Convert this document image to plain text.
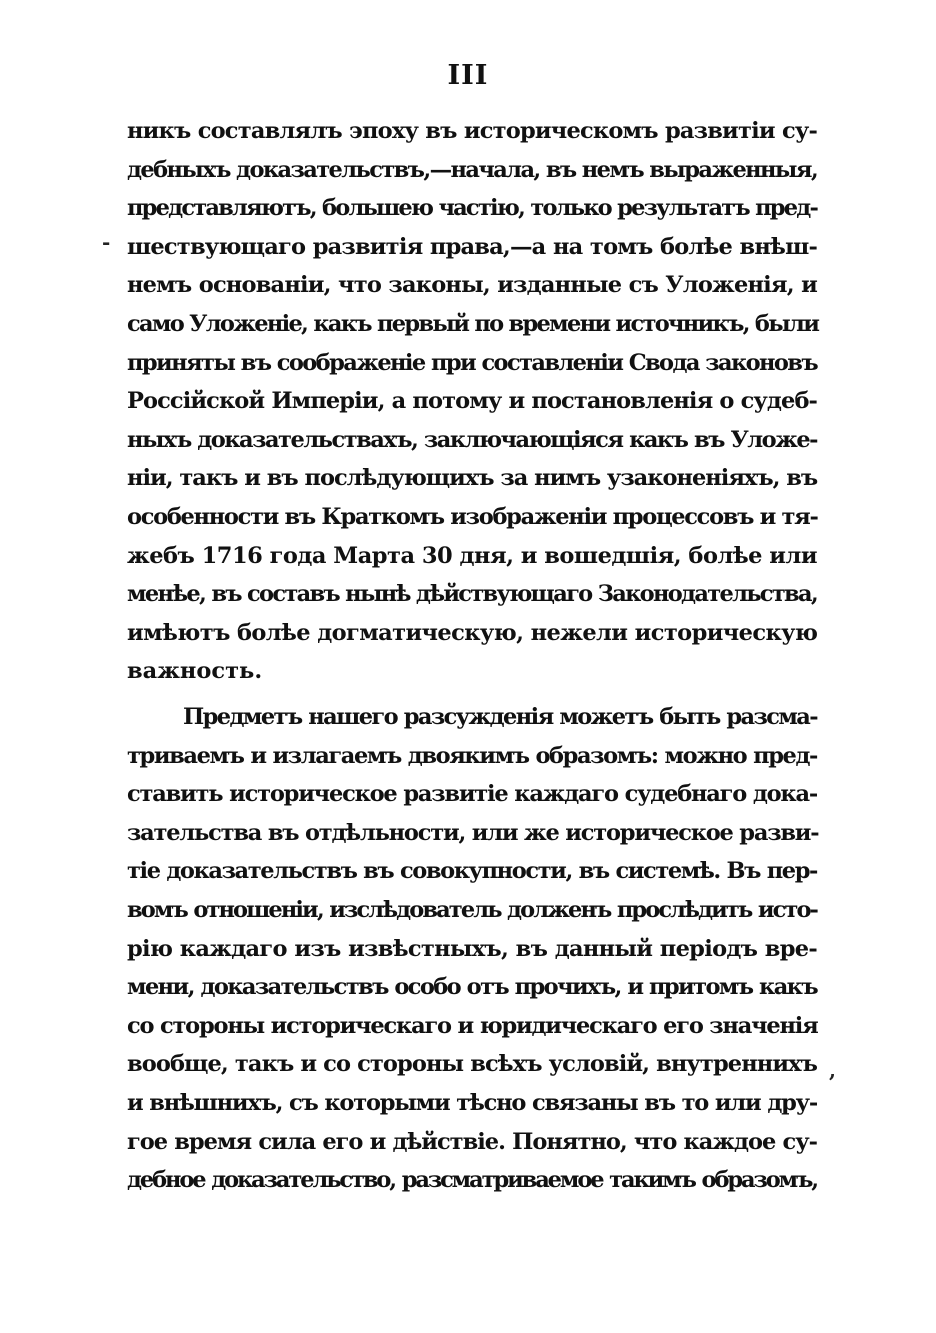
III
-
,
никъ составлялъ эпоху въ историческомъ развитiи су-
дебныхъ доказательствъ,—начала, въ немъ выраженныя,
представляютъ, большею частiю, только результатъ пред-
шествующаго развитiя права,—а на томъ болѣе внѣш-
немъ основанiи, что законы, изданные съ Уложенiя, и
само Уложенiе, какъ первый по времени источникъ, были
приняты въ соображенiе при составленiи Свода законовъ
Россiйской Имперiи, а потому и постановленiя о судеб-
ныхъ доказательствахъ, заключающiяся какъ въ Уложе-
нiи, такъ и въ послѣдующихъ за нимъ узаконенiяхъ, въ
особенности въ Краткомъ изображенiи процессовъ и тя-
жебъ 1716 года Марта 30 дня, и вошедшiя, болѣе или
менѣе, въ составъ нынѣ дѣйствующаго Законодательства,
имѣютъ болѣе догматическую, нежели историческую
важность.
Предметъ нашего разсужденiя можетъ быть разсма-
триваемъ и излагаемъ двоякимъ образомъ: можно пред-
ставить историческое развитiе каждаго судебнаго дока-
зательства въ отдѣльности, или же историческое разви-
тiе доказательствъ въ совокупности, въ системѣ. Въ пер-
вомъ отношенiи, изслѣдователь долженъ прослѣдить исто-
рiю каждаго изъ извѣстныхъ, въ данный перiодъ вре-
мени, доказательствъ особо отъ прочихъ, и притомъ какъ
со стороны историческаго и юридическаго его значенiя
вообще, такъ и со стороны всѣхъ условiй, внутреннихъ
и внѣшнихъ, съ которыми тѣсно связаны въ то или дру-
гое время сила его и дѣйствiе. Понятно, что каждое су-
дебное доказательство, разсматриваемое такимъ образомъ,
